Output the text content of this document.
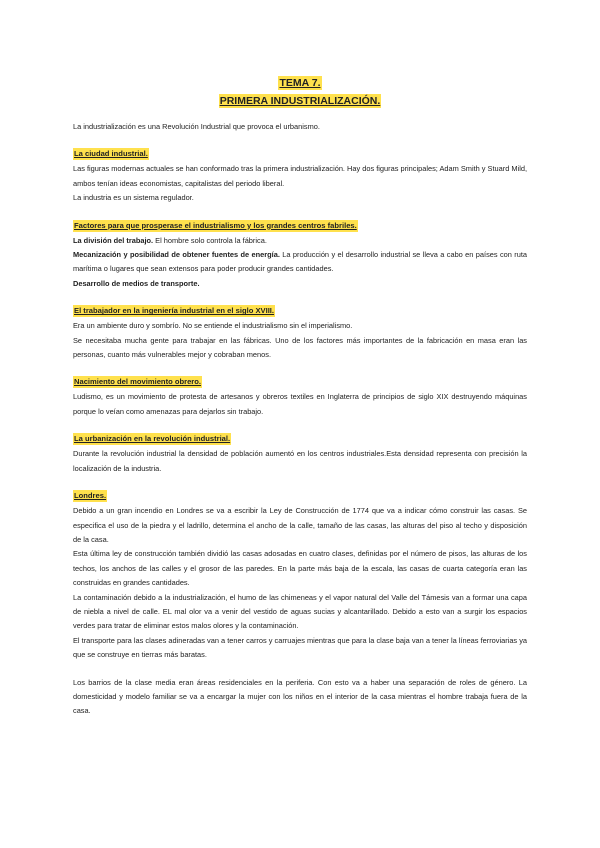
TEMA 7.
PRIMERA INDUSTRIALIZACIÓN.

La industrialización es una Revolución Industrial que provoca el urbanismo.

La ciudad industrial.

Las figuras modernas actuales se han conformado tras la primera industrialización. Hay dos figuras principales; Adam Smith y Stuard Mild, ambos tenían ideas economistas, capitalistas del periodo liberal.

La industria es un sistema regulador.

Factores para que prosperase el industrialismo y los grandes centros fabriles.

La división del trabajo. El hombre solo controla la fábrica.

Mecanización y posibilidad de obtener fuentes de energía. La producción y el desarrollo industrial se lleva a cabo en países con ruta marítima o lugares que sean extensos para poder producir grandes cantidades.

Desarrollo de medios de transporte.

El trabajador en la ingeniería industrial en el siglo XVIII.

Era un ambiente duro y sombrío. No se entiende el industrialismo sin el imperialismo.

Se necesitaba mucha gente para trabajar en las fábricas. Uno de los factores más importantes de la fabricación en masa eran las personas, cuanto más vulnerables mejor y cobraban menos.

Nacimiento del movimiento obrero.

Ludismo, es un movimiento de protesta de artesanos y obreros textiles en Inglaterra de principios de siglo XIX destruyendo máquinas porque lo veían como amenazas para dejarlos sin trabajo.

La urbanización en la revolución industrial.

Durante la revolución industrial la densidad de población aumentó en los centros industriales.Esta densidad representa con precisión la localización de la industria.

Londres.

Debido a un gran incendio en Londres se va a escribir la Ley de Construcción de 1774 que va a indicar cómo construir las casas. Se especifica el uso de la piedra y el ladrillo, determina el ancho de la calle, tamaño de las casas, las alturas del piso al techo y disposición de la casa.

Esta última ley de construcción también dividió las casas adosadas en cuatro clases, definidas por el número de pisos, las alturas de los techos, los anchos de las calles y el grosor de las paredes. En la parte más baja de la escala, las casas de cuarta categoría eran las construidas en grandes cantidades.

La contaminación debido a la industrialización, el humo de las chimeneas y el vapor natural del Valle del Támesis van a formar una capa de niebla a nivel de calle. EL mal olor va a venir del vestido de aguas sucias y alcantarillado. Debido a esto van a surgir los espacios verdes para tratar de eliminar estos malos olores y la contaminación.

El transporte para las clases adineradas van a tener carros y carruajes mientras que para la clase baja van a tener la líneas ferroviarias ya que se construye en tierras más baratas.

Los barrios de la clase media eran áreas residenciales en la periferia. Con esto va a haber una separación de roles de género. La domesticidad y modelo familiar se va a encargar la mujer con los niños en el interior de la casa mientras el hombre trabaja fuera de la casa.
